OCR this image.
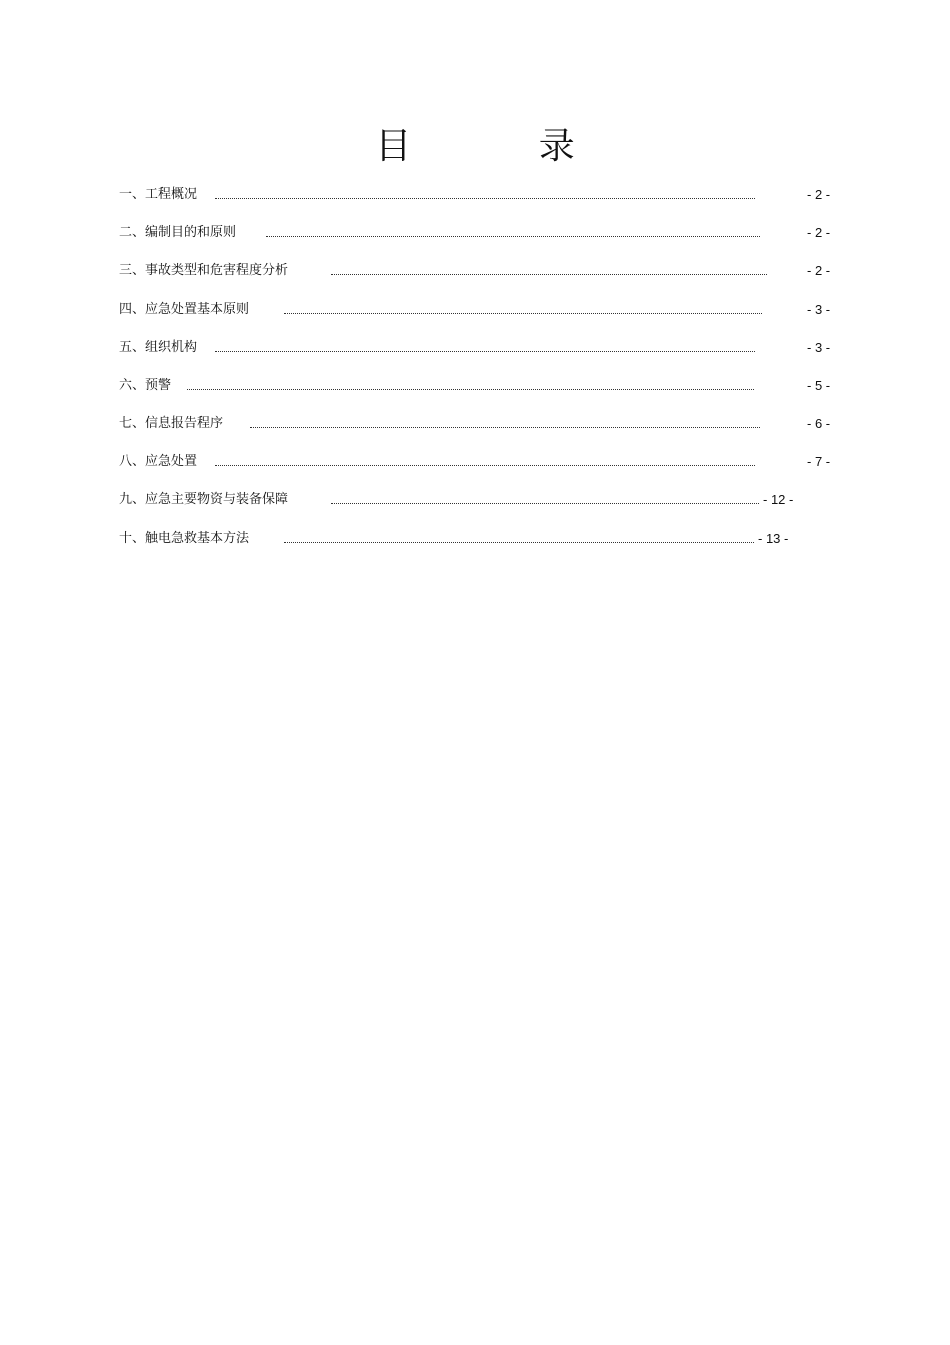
目 录
一、工程概况	- 2 -
二、编制目的和原则	- 2 -
三、事故类型和危害程度分析	- 2 -
四、应急处置基本原则	- 3 -
五、组织机构	- 3 -
六、预警	- 5 -
七、信息报告程序	- 6 -
八、应急处置	- 7 -
九、应急主要物资与装备保障	- 12 -
十、触电急救基本方法	- 13 -
